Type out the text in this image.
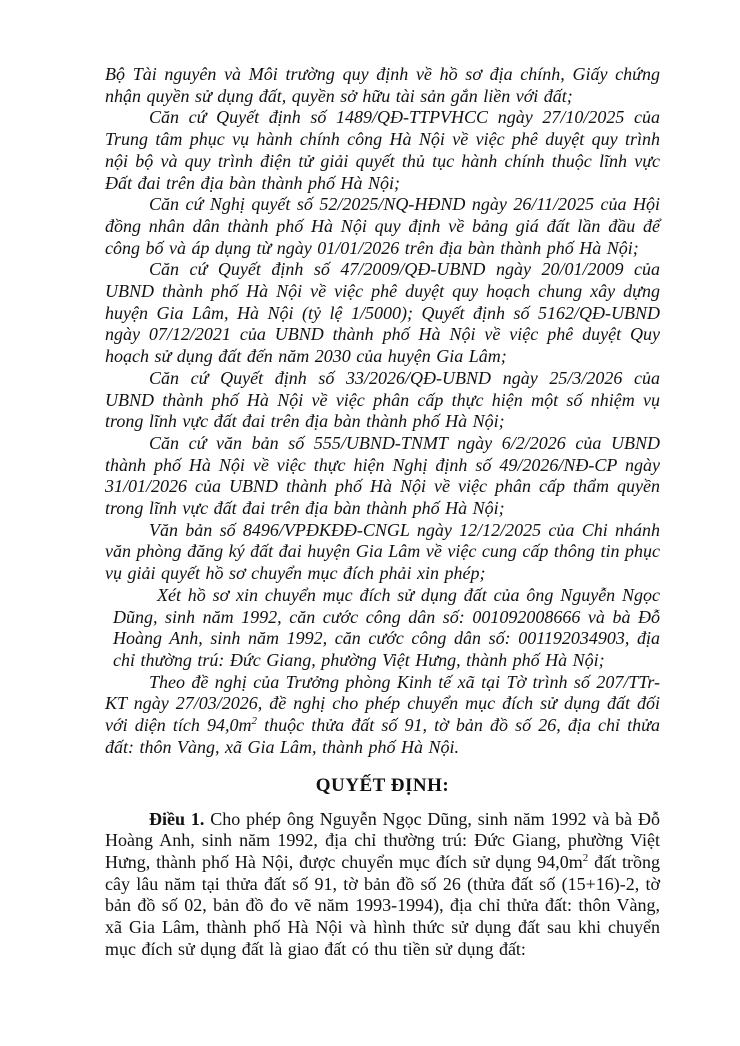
Bộ Tài nguyên và Môi trường quy định về hồ sơ địa chính, Giấy chứng nhận quyền sử dụng đất, quyền sở hữu tài sản gắn liền với đất;

Căn cứ Quyết định số 1489/QĐ-TTPVHCC ngày 27/10/2025 của Trung tâm phục vụ hành chính công Hà Nội về việc phê duyệt quy trình nội bộ và quy trình điện tử giải quyết thủ tục hành chính thuộc lĩnh vực Đất đai trên địa bàn thành phố Hà Nội;

Căn cứ Nghị quyết số 52/2025/NQ-HĐND ngày 26/11/2025 của Hội đồng nhân dân thành phố Hà Nội quy định về bảng giá đất lần đầu để công bố và áp dụng từ ngày 01/01/2026 trên địa bàn thành phố Hà Nội;

Căn cứ Quyết định số 47/2009/QĐ-UBND ngày 20/01/2009 của UBND thành phố Hà Nội về việc phê duyệt quy hoạch chung xây dựng huyện Gia Lâm, Hà Nội (tỷ lệ 1/5000); Quyết định số 5162/QĐ-UBND ngày 07/12/2021 của UBND thành phố Hà Nội về việc phê duyệt Quy hoạch sử dụng đất đến năm 2030 của huyện Gia Lâm;

Căn cứ Quyết định số 33/2026/QĐ-UBND ngày 25/3/2026 của UBND thành phố Hà Nội về việc phân cấp thực hiện một số nhiệm vụ trong lĩnh vực đất đai trên địa bàn thành phố Hà Nội;

Căn cứ văn bản số 555/UBND-TNMT ngày 6/2/2026 của UBND thành phố Hà Nội về việc thực hiện Nghị định số 49/2026/NĐ-CP ngày 31/01/2026 của UBND thành phố Hà Nội về việc phân cấp thẩm quyền trong lĩnh vực đất đai trên địa bàn thành phố Hà Nội;

Văn bản số 8496/VPĐKĐĐ-CNGL ngày 12/12/2025 của Chi nhánh văn phòng đăng ký đất đai huyện Gia Lâm về việc cung cấp thông tin phục vụ giải quyết hồ sơ chuyển mục đích phải xin phép;

Xét hồ sơ xin chuyển mục đích sử dụng đất của ông Nguyễn Ngọc Dũng, sinh năm 1992, căn cước công dân số: 001092008666 và bà Đỗ Hoàng Anh, sinh năm 1992, căn cước công dân số: 001192034903, địa chỉ thường trú: Đức Giang, phường Việt Hưng, thành phố Hà Nội;

Theo đề nghị của Trưởng phòng Kinh tế xã tại Tờ trình số 207/TTr-KT ngày 27/03/2026, đề nghị cho phép chuyển mục đích sử dụng đất đối với diện tích $94,0m^2$ thuộc thửa đất số 91, tờ bản đồ số 26, địa chỉ thửa đất: thôn Vàng, xã Gia Lâm, thành phố Hà Nội.

QUYẾT ĐỊNH:

Điều 1. Cho phép ông Nguyễn Ngọc Dũng, sinh năm 1992 và bà Đỗ Hoàng Anh, sinh năm 1992, địa chỉ thường trú: Đức Giang, phường Việt Hưng, thành phố Hà Nội, được chuyển mục đích sử dụng $94,0m^2$ đất trồng cây lâu năm tại thửa đất số 91, tờ bản đồ số 26 (thửa đất số (15+16)-2, tờ bản đồ số 02, bản đồ đo vẽ năm 1993-1994), địa chỉ thửa đất: thôn Vàng, xã Gia Lâm, thành phố Hà Nội và hình thức sử dụng đất sau khi chuyển mục đích sử dụng đất là giao đất có thu tiền sử dụng đất:
